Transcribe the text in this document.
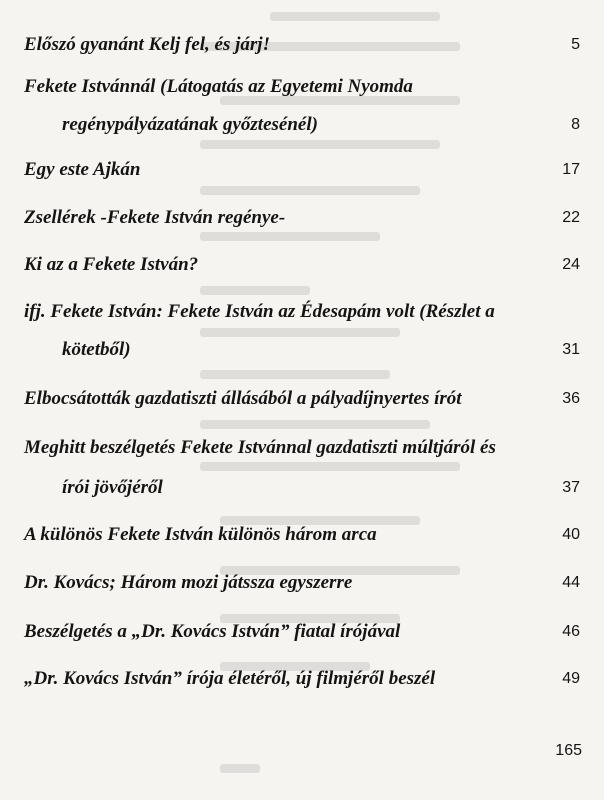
Előszó gyanánt Kelj fel, és járj!	5
Fekete Istvánnál (Látogatás az Egyetemi Nyomda
regénypályázatának győztesénél)	8
Egy este Ajkán	17
Zsellérek -Fekete István regénye-	22
Ki az a Fekete István?	24
ifj. Fekete István: Fekete István az Édesapám volt (Részlet a
kötetből)	31
Elbocsátották gazdatiszti állásából a pályadíjnyertes írót	36
Meghitt beszélgetés Fekete Istvánnal gazdatiszti múltjáról és
írói jövőjéről	37
A különös Fekete István különös három arca	40
Dr. Kovács; Három mozi játssza egyszerre	44
Beszélgetés a „Dr. Kovács István” fiatal írójával	46
„Dr. Kovács István” írója életéről, új filmjéről beszél	49
165
